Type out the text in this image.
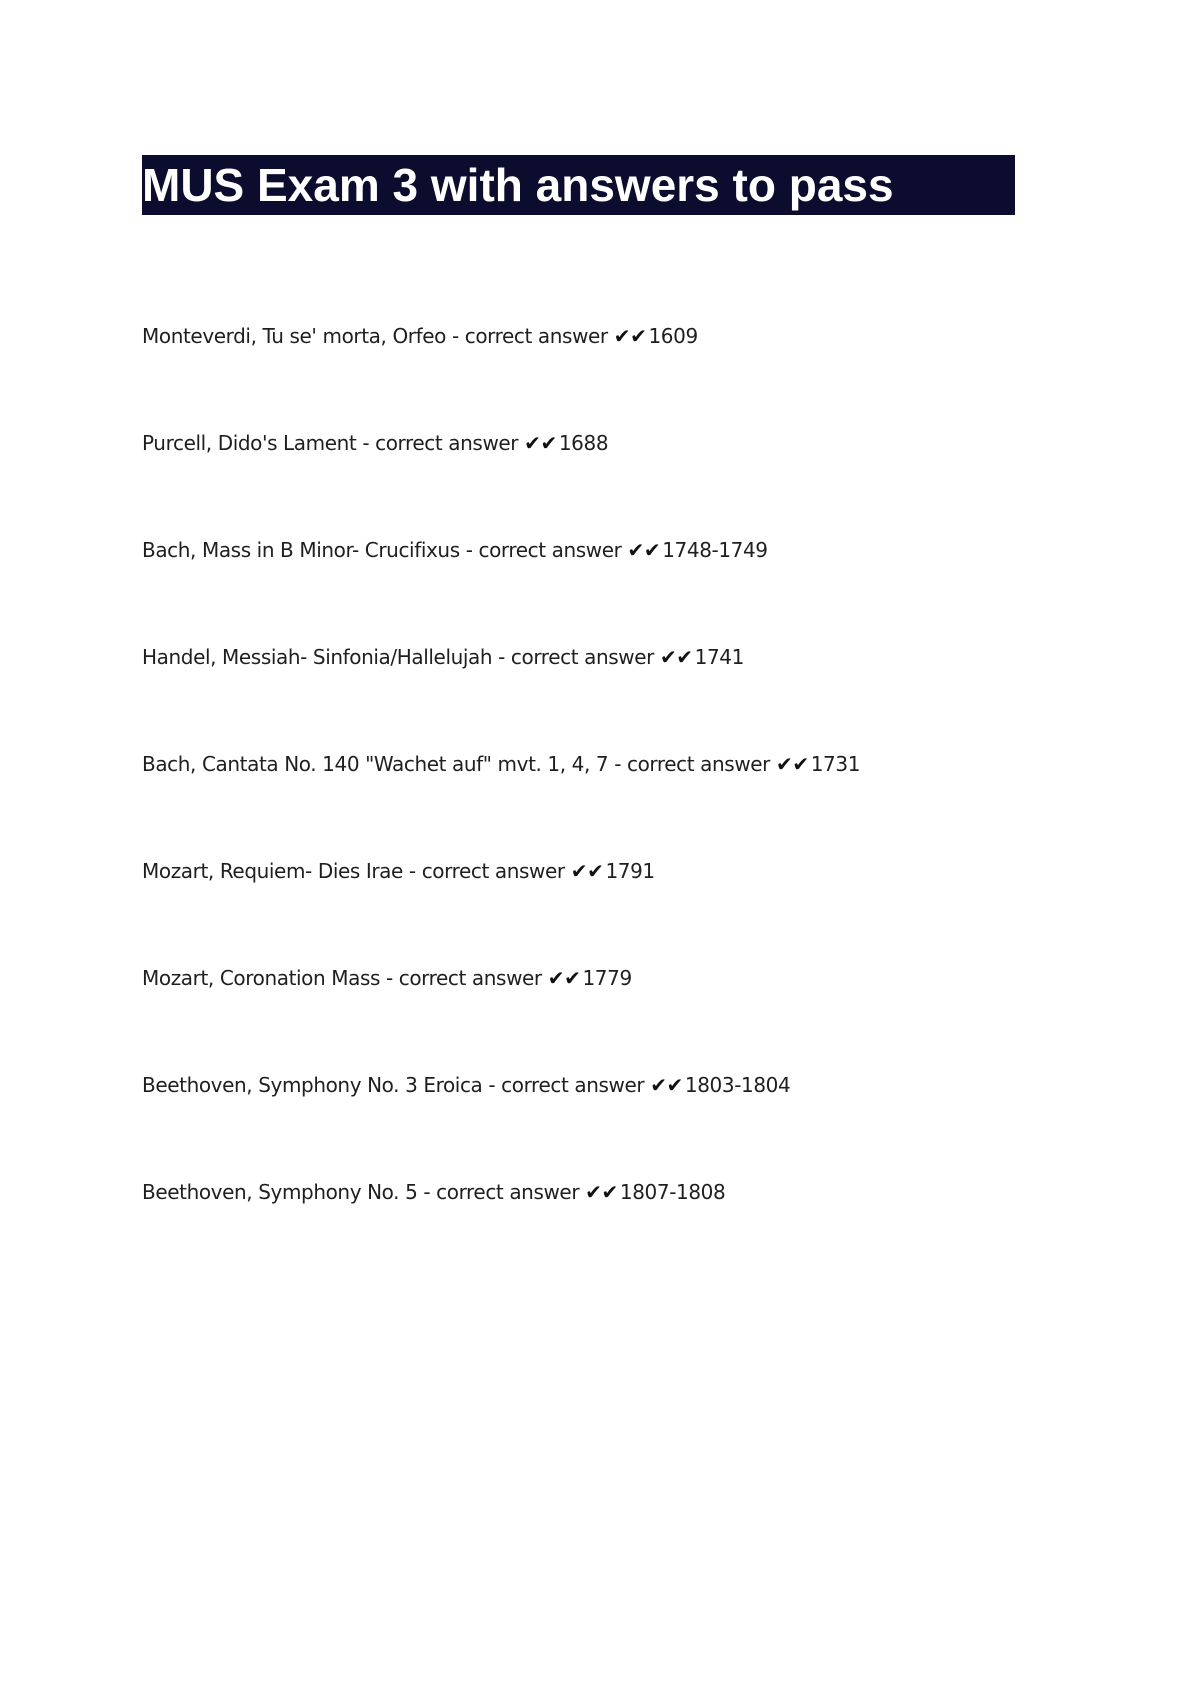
MUS Exam 3 with answers to pass
Monteverdi, Tu se' morta, Orfeo - correct answer ✔✔ 1609
Purcell, Dido's Lament - correct answer ✔✔ 1688
Bach, Mass in B Minor- Crucifixus - correct answer ✔✔ 1748-1749
Handel, Messiah- Sinfonia/Hallelujah - correct answer ✔✔ 1741
Bach, Cantata No. 140 "Wachet auf" mvt. 1, 4, 7 - correct answer ✔✔ 1731
Mozart, Requiem- Dies Irae - correct answer ✔✔ 1791
Mozart, Coronation Mass - correct answer ✔✔ 1779
Beethoven, Symphony No. 3 Eroica - correct answer ✔✔ 1803-1804
Beethoven, Symphony No. 5 - correct answer ✔✔ 1807-1808
